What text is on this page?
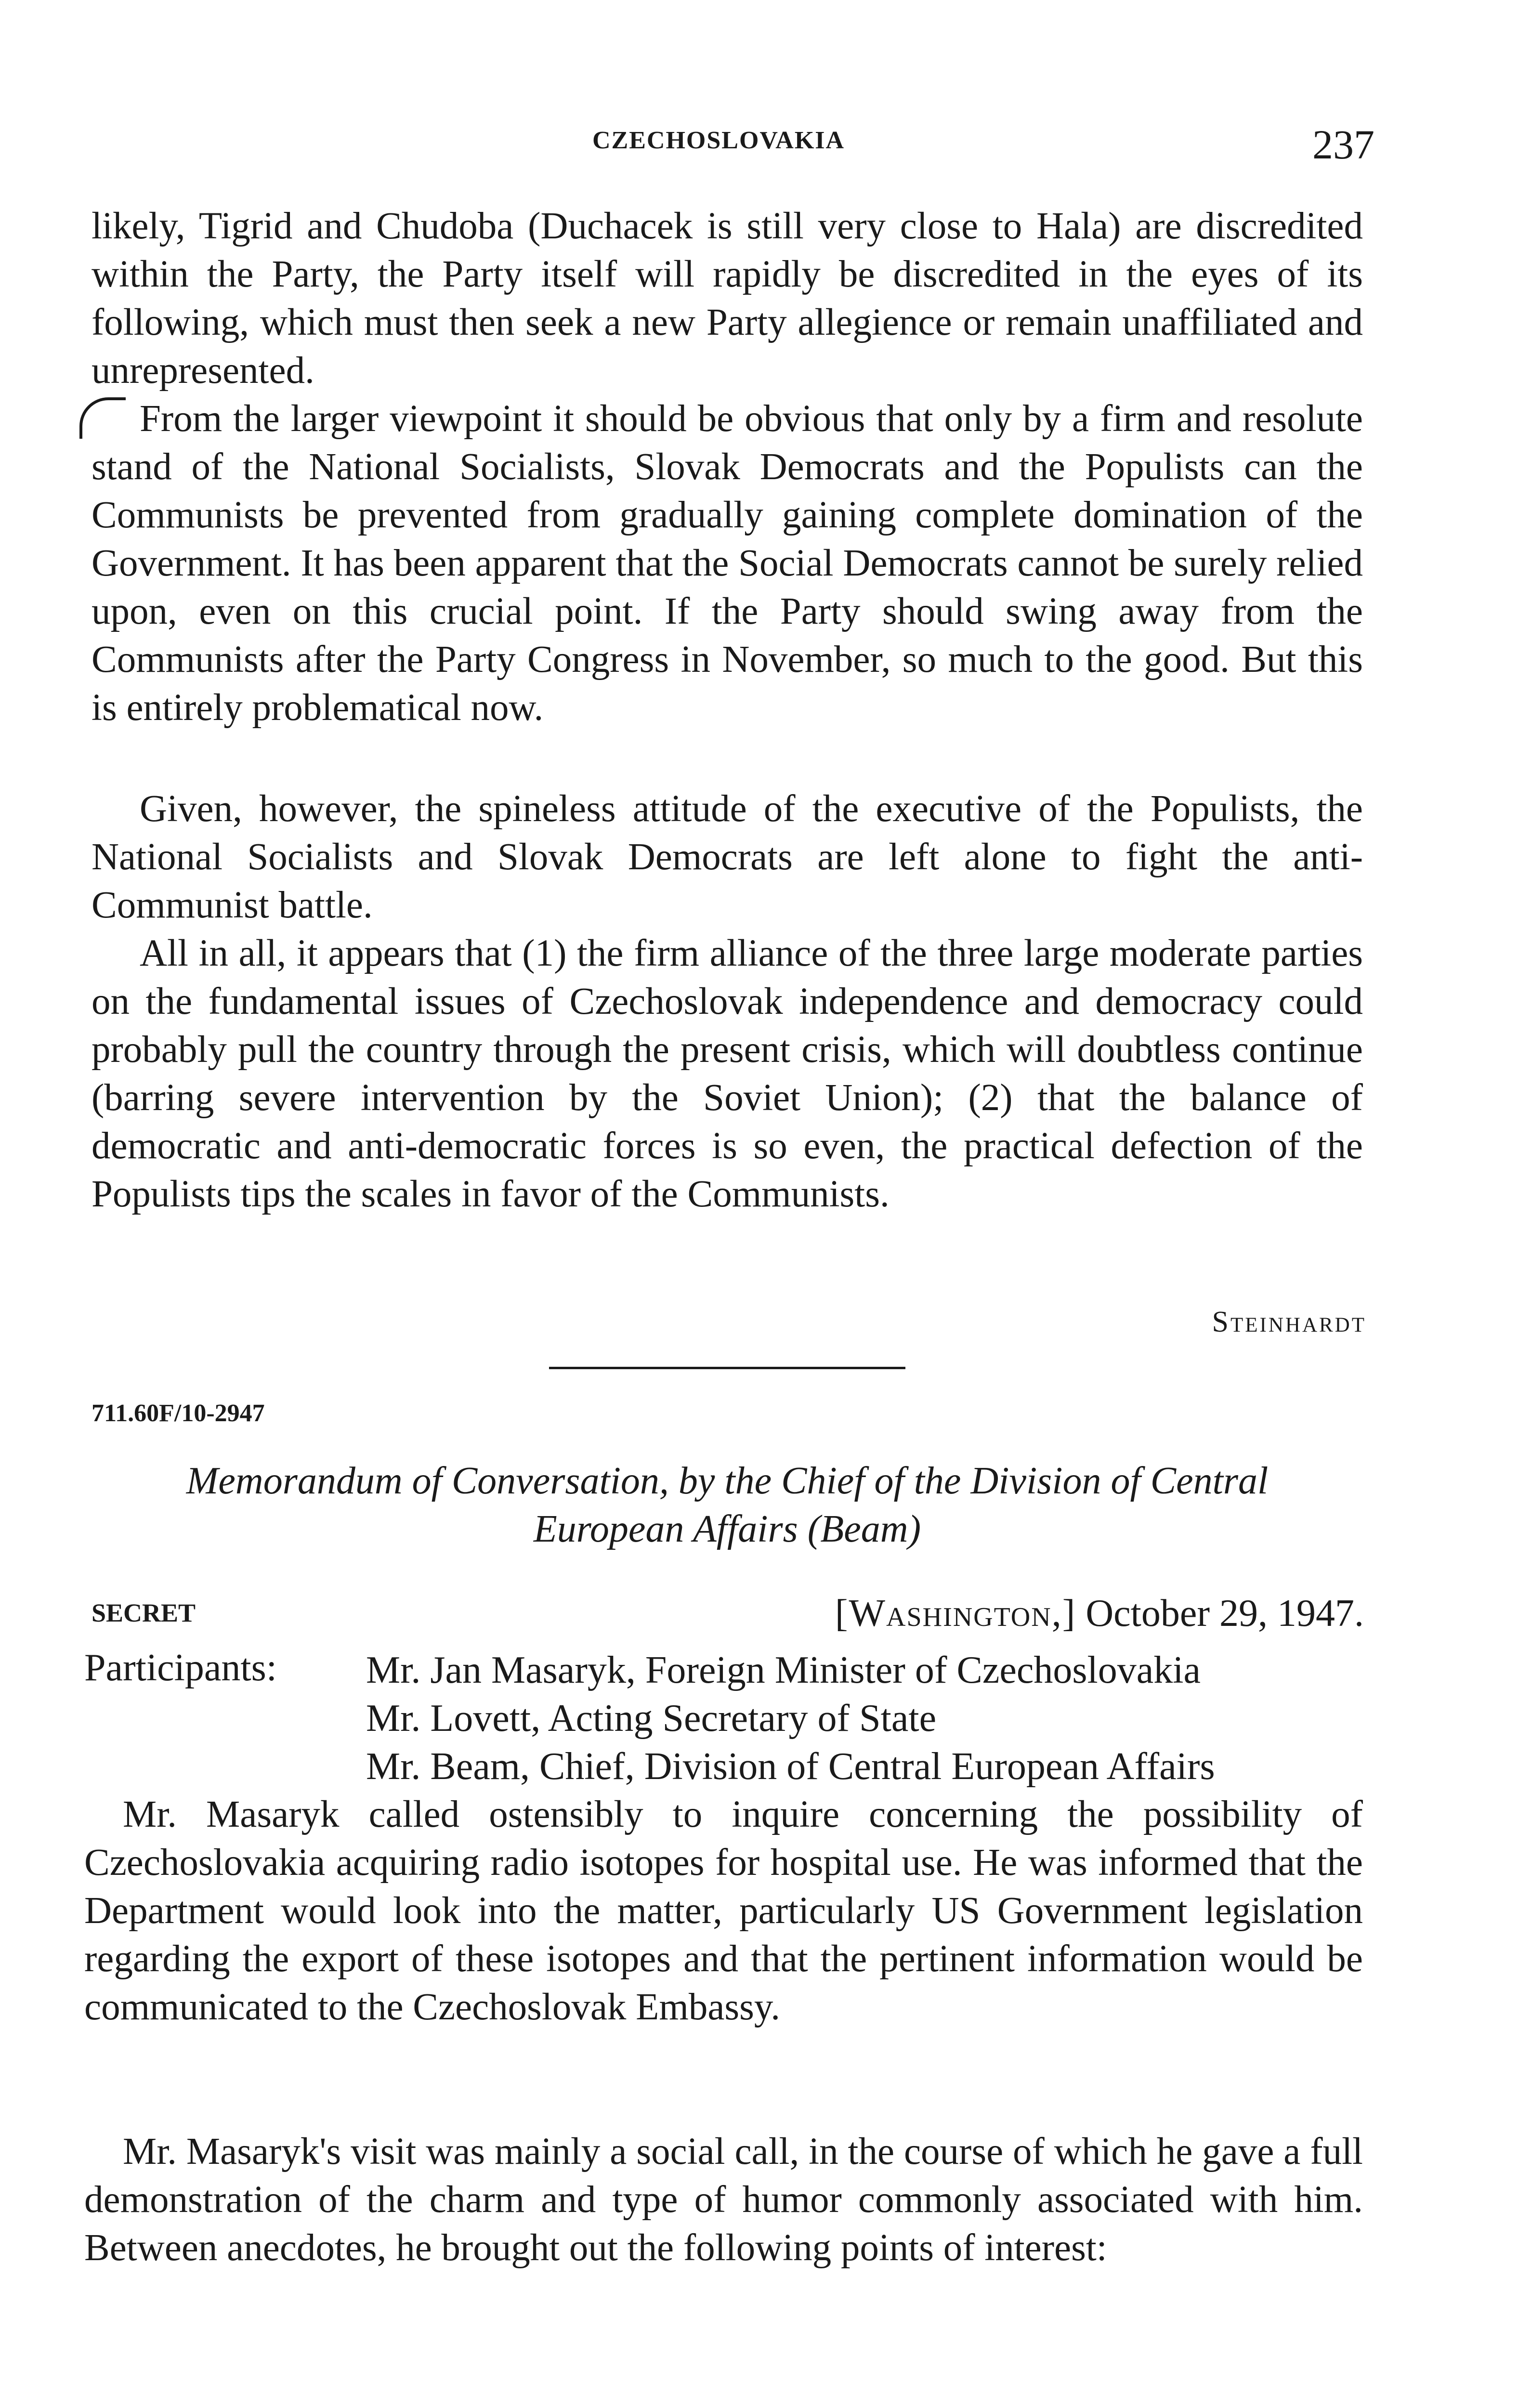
CZECHOSLOVAKIA	237

likely, Tigrid and Chudoba (Duchacek is still very close to Hala) are discredited within the Party, the Party itself will rapidly be discredited in the eyes of its following, which must then seek a new Party allegience or remain unaffiliated and unrepresented.

From the larger viewpoint it should be obvious that only by a firm and resolute stand of the National Socialists, Slovak Democrats and the Populists can the Communists be prevented from gradually gaining complete domination of the Government. It has been apparent that the Social Democrats cannot be surely relied upon, even on this crucial point. If the Party should swing away from the Communists after the Party Congress in November, so much to the good. But this is entirely problematical now.

Given, however, the spineless attitude of the executive of the Populists, the National Socialists and Slovak Democrats are left alone to fight the anti-Communist battle.

All in all, it appears that (1) the firm alliance of the three large moderate parties on the fundamental issues of Czechoslovak independence and democracy could probably pull the country through the present crisis, which will doubtless continue (barring severe intervention by the Soviet Union); (2) that the balance of democratic and anti-democratic forces is so even, the practical defection of the Populists tips the scales in favor of the Communists.

Steinhardt
711.60F/10-2947

Memorandum of Conversation, by the Chief of the Division of Central
European Affairs (Beam)

SECRET	[Washington,] October 29, 1947.
Participants: Mr. Jan Masaryk, Foreign Minister of Czechoslovakia
Mr. Lovett, Acting Secretary of State
Mr. Beam, Chief, Division of Central European Affairs

Mr. Masaryk called ostensibly to inquire concerning the possibility of Czechoslovakia acquiring radio isotopes for hospital use. He was informed that the Department would look into the matter, particularly US Government legislation regarding the export of these isotopes and that the pertinent information would be communicated to the Czechoslovak Embassy.

Mr. Masaryk's visit was mainly a social call, in the course of which he gave a full demonstration of the charm and type of humor commonly associated with him. Between anecdotes, he brought out the following points of interest:
